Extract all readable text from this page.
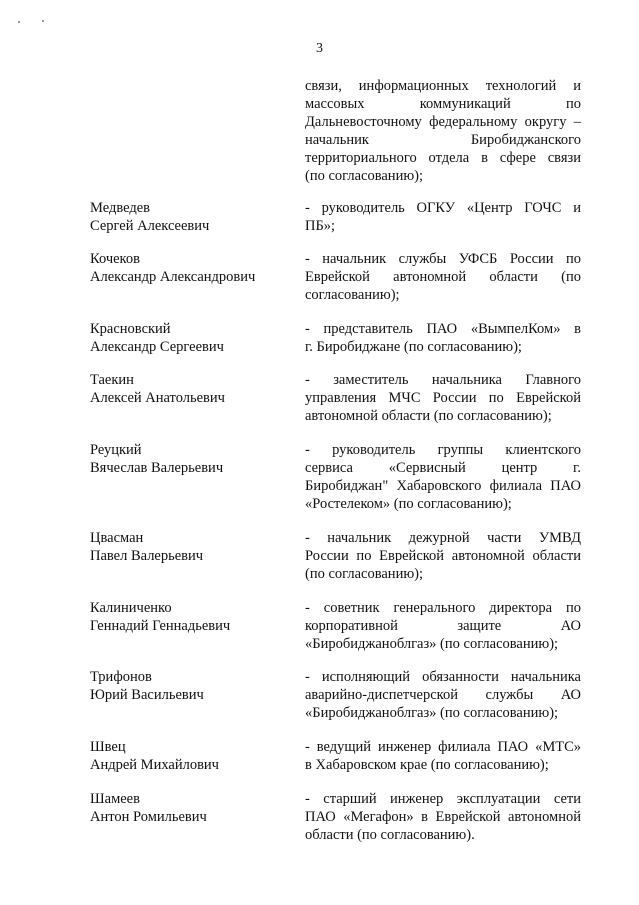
3
связи, информационных технологий и
массовых коммуникаций по
Дальневосточному федеральному округу –
начальник Биробиджанского
территориального отдела в сфере связи
(по согласованию);
Медведев
Сергей Алексеевич
- руководитель ОГКУ «Центр ГОЧС и
ПБ»;
Кочеков
Александр Александрович
- начальник службы УФСБ России по
Еврейской автономной области (по
согласованию);
Красновский
Александр Сергеевич
- представитель ПАО «ВымпелКом» в
г. Биробиджане (по согласованию);
Таекин
Алексей Анатольевич
- заместитель начальника Главного
управления МЧС России по Еврейской
автономной области (по согласованию);
Реуцкий
Вячеслав Валерьевич
- руководитель группы клиентского
сервиса «Сервисный центр г.
Биробиджан" Хабаровского филиала ПАО
«Ростелеком» (по согласованию);
Цвасман
Павел Валерьевич
- начальник дежурной части УМВД
России по Еврейской автономной области
(по согласованию);
Калиниченко
Геннадий Геннадьевич
- советник генерального директора по
корпоративной защите АО
«Биробиджаноблгаз» (по согласованию);
Трифонов
Юрий Васильевич
- исполняющий обязанности начальника
аварийно-диспетчерской службы АО
«Биробиджаноблгаз» (по согласованию);
Швец
Андрей Михайлович
- ведущий инженер филиала ПАО «МТС»
в Хабаровском крае (по согласованию);
Шамеев
Антон Ромильевич
- старший инженер эксплуатации сети
ПАО «Мегафон» в Еврейской автономной
области (по согласованию).
